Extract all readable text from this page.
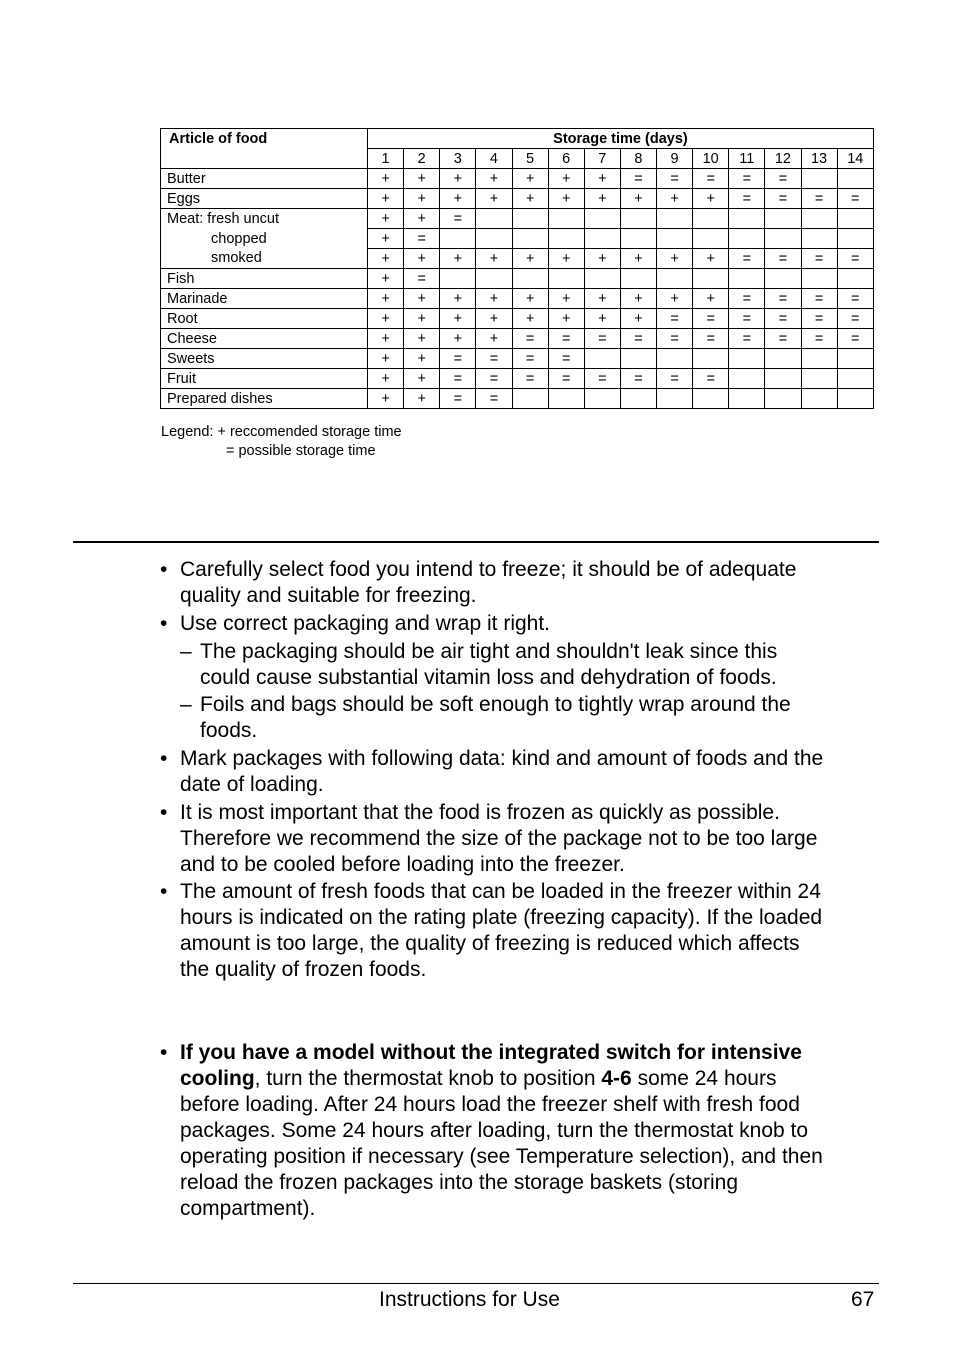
Article of food	Storage time (days)													
	1	2	3	4	5	6	7	8	9	10	11	12	13	14
Butter	+	+	+	+	+	+	+	=	=	=	=	=		
Eggs	+	+	+	+	+	+	+	+	+	+	=	=	=	=
Meat: fresh uncut	+	+	=											
chopped	+	=												
smoked	+	+	+	+	+	+	+	+	+	+	=	=	=	=
Fish	+	=												
Marinade	+	+	+	+	+	+	+	+	+	+	=	=	=	=
Root	+	+	+	+	+	+	+	+	=	=	=	=	=	=
Cheese	+	+	+	+	=	=	=	=	=	=	=	=	=	=
Sweets	+	+	=	=	=	=								
Fruit	+	+	=	=	=	=	=	=	=	=				
Prepared dishes	+	+	=	=										
Legend: + reccomended storage time
= possible storage time
• Carefully select food you intend to freeze; it should be of adequate
quality and suitable for freezing.
• Use correct packaging and wrap it right.
– The packaging should be air tight and shouldn't leak since this
could cause substantial vitamin loss and dehydration of foods.
– Foils and bags should be soft enough to tightly wrap around the
foods.
• Mark packages with following data: kind and amount of foods and the
date of loading.
• It is most important that the food is frozen as quickly as possible.
Therefore we recommend the size of the package not to be too large
and to be cooled before loading into the freezer.
• The amount of fresh foods that can be loaded in the freezer within 24
hours is indicated on the rating plate (freezing capacity). If the loaded
amount is too large, the quality of freezing is reduced which affects
the quality of frozen foods.
• If you have a model without the integrated switch for intensive
cooling, turn the thermostat knob to position 4-6 some 24 hours
before loading. After 24 hours load the freezer shelf with fresh food
packages. Some 24 hours after loading, turn the thermostat knob to
operating position if necessary (see Temperature selection), and then
reload the frozen packages into the storage baskets (storing
compartment).
Instructions for Use	67
